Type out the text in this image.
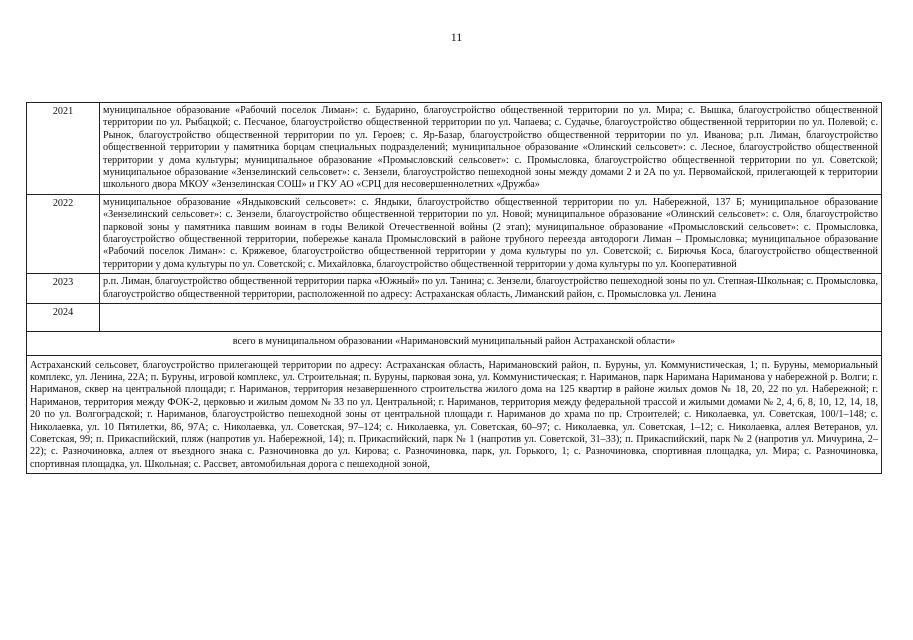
11
2021	муниципальное образование «Рабочий поселок Лиман»: с. Бударино, благоустройство общественной территории по ул. Мира; с. Вышка, благоустройство общественной территории по ул. Рыбацкой; с. Песчаное, благоустройство общественной территории по ул. Чапаева; с. Судачье, благоустройство общественной территории по ул. Полевой; с. Рынок, благоустройство общественной территории по ул. Героев; с. Яр-Базар, благоустройство общественной территории по ул. Иванова; р.п. Лиман, благоустройство общественной территории у памятника борцам специальных подразделений; муниципальное образование «Олинский сельсовет»: с. Лесное, благоустройство общественной территории у дома культуры; муниципальное образование «Промысловский сельсовет»: с. Промысловка, благоустройство общественной территории по ул. Советской; муниципальное образование «Зензелинский сельсовет»: с. Зензели, благоустройство пешеходной зоны между домами 2 и 2А по ул. Первомайской, прилегающей к территории школьного двора МКОУ «Зензелинская СОШ» и ГКУ АО «СРЦ для несовершеннолетних «Дружба»
2022	муниципальное образование «Яндыковский сельсовет»: с. Яндыки, благоустройство общественной территории по ул. Набережной, 137 Б; муниципальное образование «Зензелинский сельсовет»: с. Зензели, благоустройство общественной территории по ул. Новой; муниципальное образование «Олинский сельсовет»: с. Оля, благоустройство парковой зоны у памятника павшим воинам в годы Великой Отечественной войны (2 этап); муниципальное образование «Промысловский сельсовет»: с. Промысловка, благоустройство общественной территории, побережье канала Промысловский в районе трубного переезда автодороги Лиман – Промысловка; муниципальное образование «Рабочий поселок Лиман»: с. Кряжевое, благоустройство общественной территории у дома культуры по ул. Советской; с. Бирючья Коса, благоустройство общественной территории у дома культуры по ул. Советской; с. Михайловка, благоустройство общественной территории у дома культуры по ул. Кооперативной
2023	р.п. Лиман, благоустройство общественной территории парка «Южный» по ул. Танина; с. Зензели, благоустройство пешеходной зоны по ул. Степная-Школьная; с. Промысловка, благоустройство общественной территории, расположенной по адресу: Астраханская область, Лиманский район, с. Промысловка ул. Ленина
2024	
всего в муниципальном образовании «Наримановский муниципальный район Астраханской области»	
Астраханский сельсовет, благоустройство прилегающей территории по адресу: Астраханская область, Наримановский район, п. Буруны, ул. Коммунистическая, 1; п. Буруны, мемориальный комплекс, ул. Ленина, 22А; п. Буруны, игровой комплекс, ул. Строительная; п. Буруны, парковая зона, ул. Коммунистическая; г. Нариманов, парк Наримана Нариманова у набережной р. Волги; г. Нариманов, сквер на центральной площади; г. Нариманов, территория незавершенного строительства жилого дома на 125 квартир в районе жилых домов № 18, 20, 22 по ул. Набережной; г. Нариманов, территория между ФОК-2, церковью и жилым домом № 33 по ул. Центральной; г. Нариманов, территория между федеральной трассой и жилыми домами № 2, 4, 6, 8, 10, 12, 14, 18, 20 по ул. Волгоградской; г. Нариманов, благоустройство пешеходной зоны от центральной площади г. Нариманов до храма по пр. Строителей; с. Николаевка, ул. Советская, 100/1–148; с. Николаевка, ул. 10 Пятилетки, 86, 97А; с. Николаевка, ул. Советская, 97–124; с. Николаевка, ул. Советская, 60–97; с. Николаевка, ул. Советская, 1–12; с. Николаевка, аллея Ветеранов, ул. Советская, 99; п. Прикаспийский, пляж (напротив ул. Набережной, 14); п. Прикаспийский, парк № 1 (напротив ул. Советской, 31–33); п. Прикаспийский, парк № 2 (напротив ул. Мичурина, 2–22); с. Разночиновка, аллея от въездного знака с. Разночиновка до ул. Кирова; с. Разночиновка, парк, ул. Горького, 1; с. Разночиновка, спортивная площадка, ул. Мира; с. Разночиновка, спортивная площадка, ул. Школьная; с. Рассвет, автомобильная дорога с пешеходной зоной,	
